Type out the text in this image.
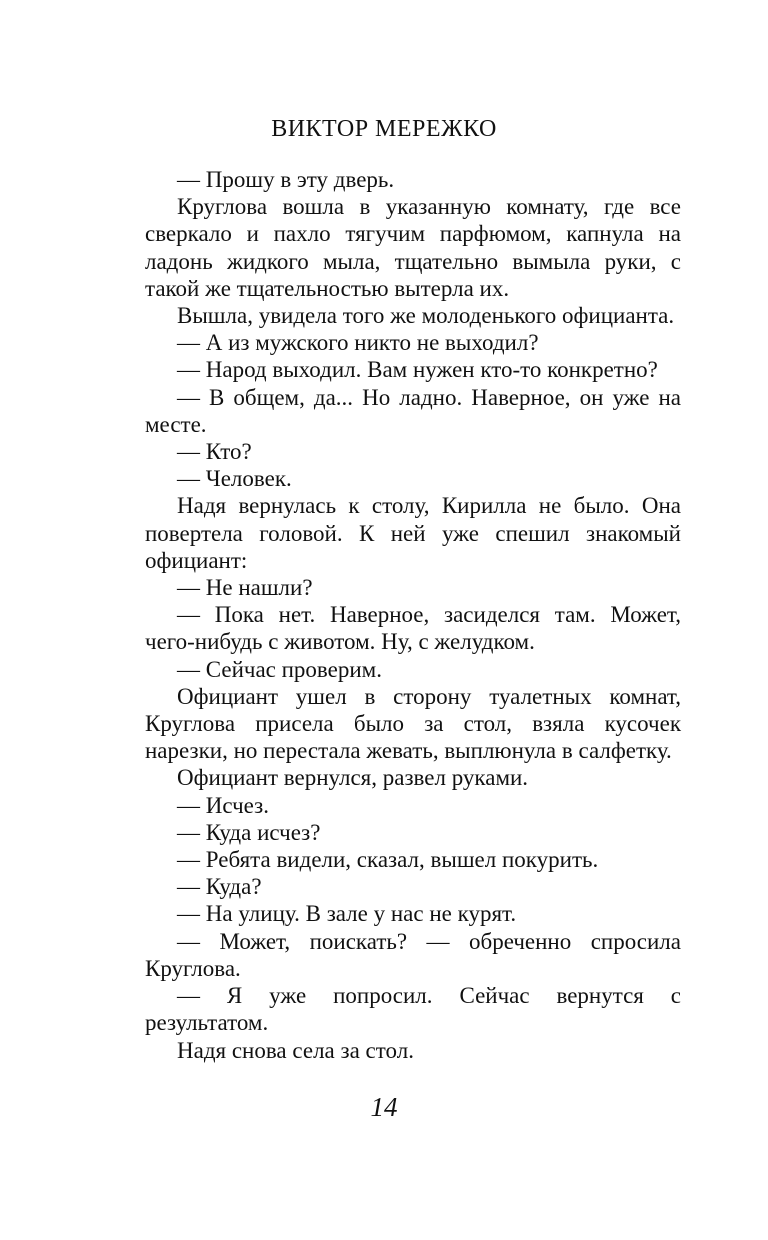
ВИКТОР МЕРЕЖКО

— Прошу в эту дверь.

Круглова вошла в указанную комнату, где все сверкало и пахло тягучим парфюмом, капнула на ладонь жидкого мыла, тщательно вымыла руки, с такой же тщательностью вытерла их.

Вышла, увидела того же молоденького официанта.

— А из мужского никто не выходил?

— Народ выходил. Вам нужен кто-то конкретно?

— В общем, да... Но ладно. Наверное, он уже на месте.

— Кто?

— Человек.

Надя вернулась к столу, Кирилла не было. Она повертела головой. К ней уже спешил знакомый официант:

— Не нашли?

— Пока нет. Наверное, засиделся там. Может, чего-нибудь с животом. Ну, с желудком.

— Сейчас проверим.

Официант ушел в сторону туалетных комнат, Круглова присела было за стол, взяла кусочек нарезки, но перестала жевать, выплюнула в салфетку.

Официант вернулся, развел руками.

— Исчез.

— Куда исчез?

— Ребята видели, сказал, вышел покурить.

— Куда?

— На улицу. В зале у нас не курят.

— Может, поискать? — обреченно спросила Круглова.

— Я уже попросил. Сейчас вернутся с результатом.

Надя снова села за стол.

14
